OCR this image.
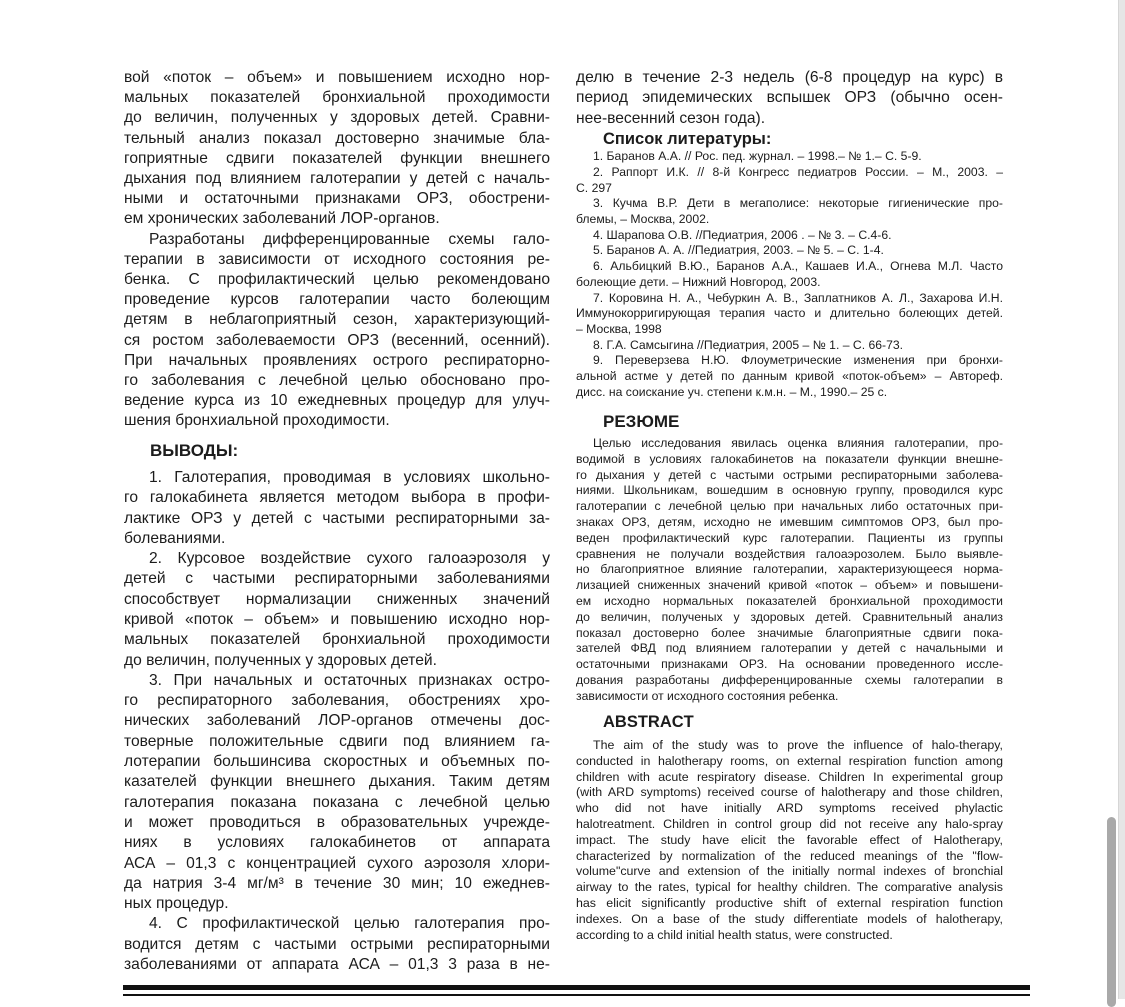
вой «поток – объем» и повышением исходно нор-
мальных показателей бронхиальной проходимости
до величин, полученных у здоровых детей. Сравни-
тельный анализ показал достоверно значимые бла-
гоприятные сдвиги показателей функции внешнего
дыхания под влиянием галотерапии у детей с началь-
ными и остаточными признаками ОРЗ, обострени-
ем хронических заболеваний ЛОР-органов.
Разработаны дифференцированные схемы гало-
терапии в зависимости от исходного состояния ре-
бенка. С профилактический целью рекомендовано
проведение курсов галотерапии часто болеющим
детям в неблагоприятный сезон, характеризующий-
ся ростом заболеваемости ОРЗ (весенний, осенний).
При начальных проявлениях острого респираторно-
го заболевания с лечебной целью обосновано про-
ведение курса из 10 ежедневных процедур для улуч-
шения бронхиальной проходимости.
ВЫВОДЫ:
1. Галотерапия, проводимая в условиях школьно-
го галокабинета является методом выбора в профи-
лактике ОРЗ у детей с частыми респираторными за-
болеваниями.
2. Курсовое воздействие сухого галоаэрозоля у
детей с частыми респираторными заболеваниями
способствует нормализации сниженных значений
кривой «поток – объем» и повышению исходно нор-
мальных показателей бронхиальной проходимости
до величин, полученных у здоровых детей.
3. При начальных и остаточных признаках остро-
го респираторного заболевания, обострениях хро-
нических заболеваний ЛОР-органов отмечены дос-
товерные положительные сдвиги под влиянием га-
лотерапии большинсива скоростных и объемных по-
казателей функции внешнего дыхания. Таким детям
галотерапия показана показана с лечебной целью
и может проводиться в образовательных учрежде-
ниях в условиях галокабинетов от аппарата
АСА – 01,3 с концентрацией сухого аэрозоля хлори-
да натрия 3-4 мг/м³ в течение 30 мин; 10 ежеднев-
ных процедур.
4. С профилактической целью галотерапия про-
водится детям с частыми острыми респираторными
заболеваниями от аппарата АСА – 01,3 3 раза в не-
делю в течение 2-3 недель (6-8 процедур на курс) в
период эпидемических вспышек ОРЗ (обычно осен-
нее-весенний сезон года).
Список литературы:
1. Баранов А.А. // Рос. пед. журнал. – 1998.– № 1.– С. 5-9.
2. Раппорт И.К. // 8-й Конгресс педиатров России. – М., 2003. –
С. 297
3. Кучма В.Р. Дети в мегаполисе: некоторые гигиенические про-
блемы, – Москва, 2002.
4. Шарапова О.В. //Педиатрия, 2006 . – № 3. – С.4-6.
5. Баранов А. А. //Педиатрия, 2003. – № 5. – С. 1-4.
6. Альбицкий В.Ю., Баранов А.А., Кашаев И.А., Огнева М.Л. Часто
болеющие дети. – Нижний Новгород, 2003.
7. Коровина Н. А., Чебуркин А. В., Заплатников А. Л., Захарова И.Н.
Иммунокорригирующая терапия часто и длительно болеющих детей.
– Москва, 1998
8. Г.А. Самсыгина //Педиатрия, 2005 – № 1. – С. 66-73.
9. Переверзева Н.Ю. Флоуметрические изменения при бронхи-
альной астме у детей по данным кривой «поток-объем» – Автореф.
дисс. на соискание уч. степени к.м.н. – М., 1990.– 25 с.
РЕЗЮМЕ
Целью исследования явилась оценка влияния галотерапии, про-
водимой в условиях галокабинетов на показатели функции внешне-
го дыхания у детей с частыми острыми респираторными заболева-
ниями. Школьникам, вошедшим в основную группу, проводился курс
галотерапии с лечебной целью при начальных либо остаточных при-
знаках ОРЗ, детям, исходно не имевшим симптомов ОРЗ, был про-
веден профилактический курс галотерапии. Пациенты из группы
сравнения не получали воздействия галоаэрозолем. Было выявле-
но благоприятное влияние галотерапии, характеризующееся норма-
лизацией сниженных значений кривой «поток – объем» и повышени-
ем исходно нормальных показателей бронхиальной проходимости
до величин, полученых у здоровых детей. Сравнительный анализ
показал достоверно более значимые благоприятные сдвиги пока-
зателей ФВД под влиянием галотерапии у детей с начальными и
остаточными признаками ОРЗ. На основании проведенного иссле-
дования разработаны дифференцированные схемы галотерапии в
зависимости от исходного состояния ребенка.
ABSTRACT
The aim of the study was to prove the influence of halo-therapy,
conducted in halotherapy rooms, on external respiration function among
children with acute respiratory disease. Children In experimental group
(with ARD symptoms) received course of halotherapy and those children,
who did not have initially ARD symptoms received phylactic
halotreatment. Children in control group did not receive any halo-spray
impact. The study have elicit the favorable effect of Halotherapy,
characterized by normalization of the reduced meanings of the "flow-
volume"curve and extension of the initially normal indexes of bronchial
airway to the rates, typical for healthy children. The comparative analysis
has elicit significantly productive shift of external respiration function
indexes. On a base of the study differentiate models of halotherapy,
according to a child initial health status, were constructed.
